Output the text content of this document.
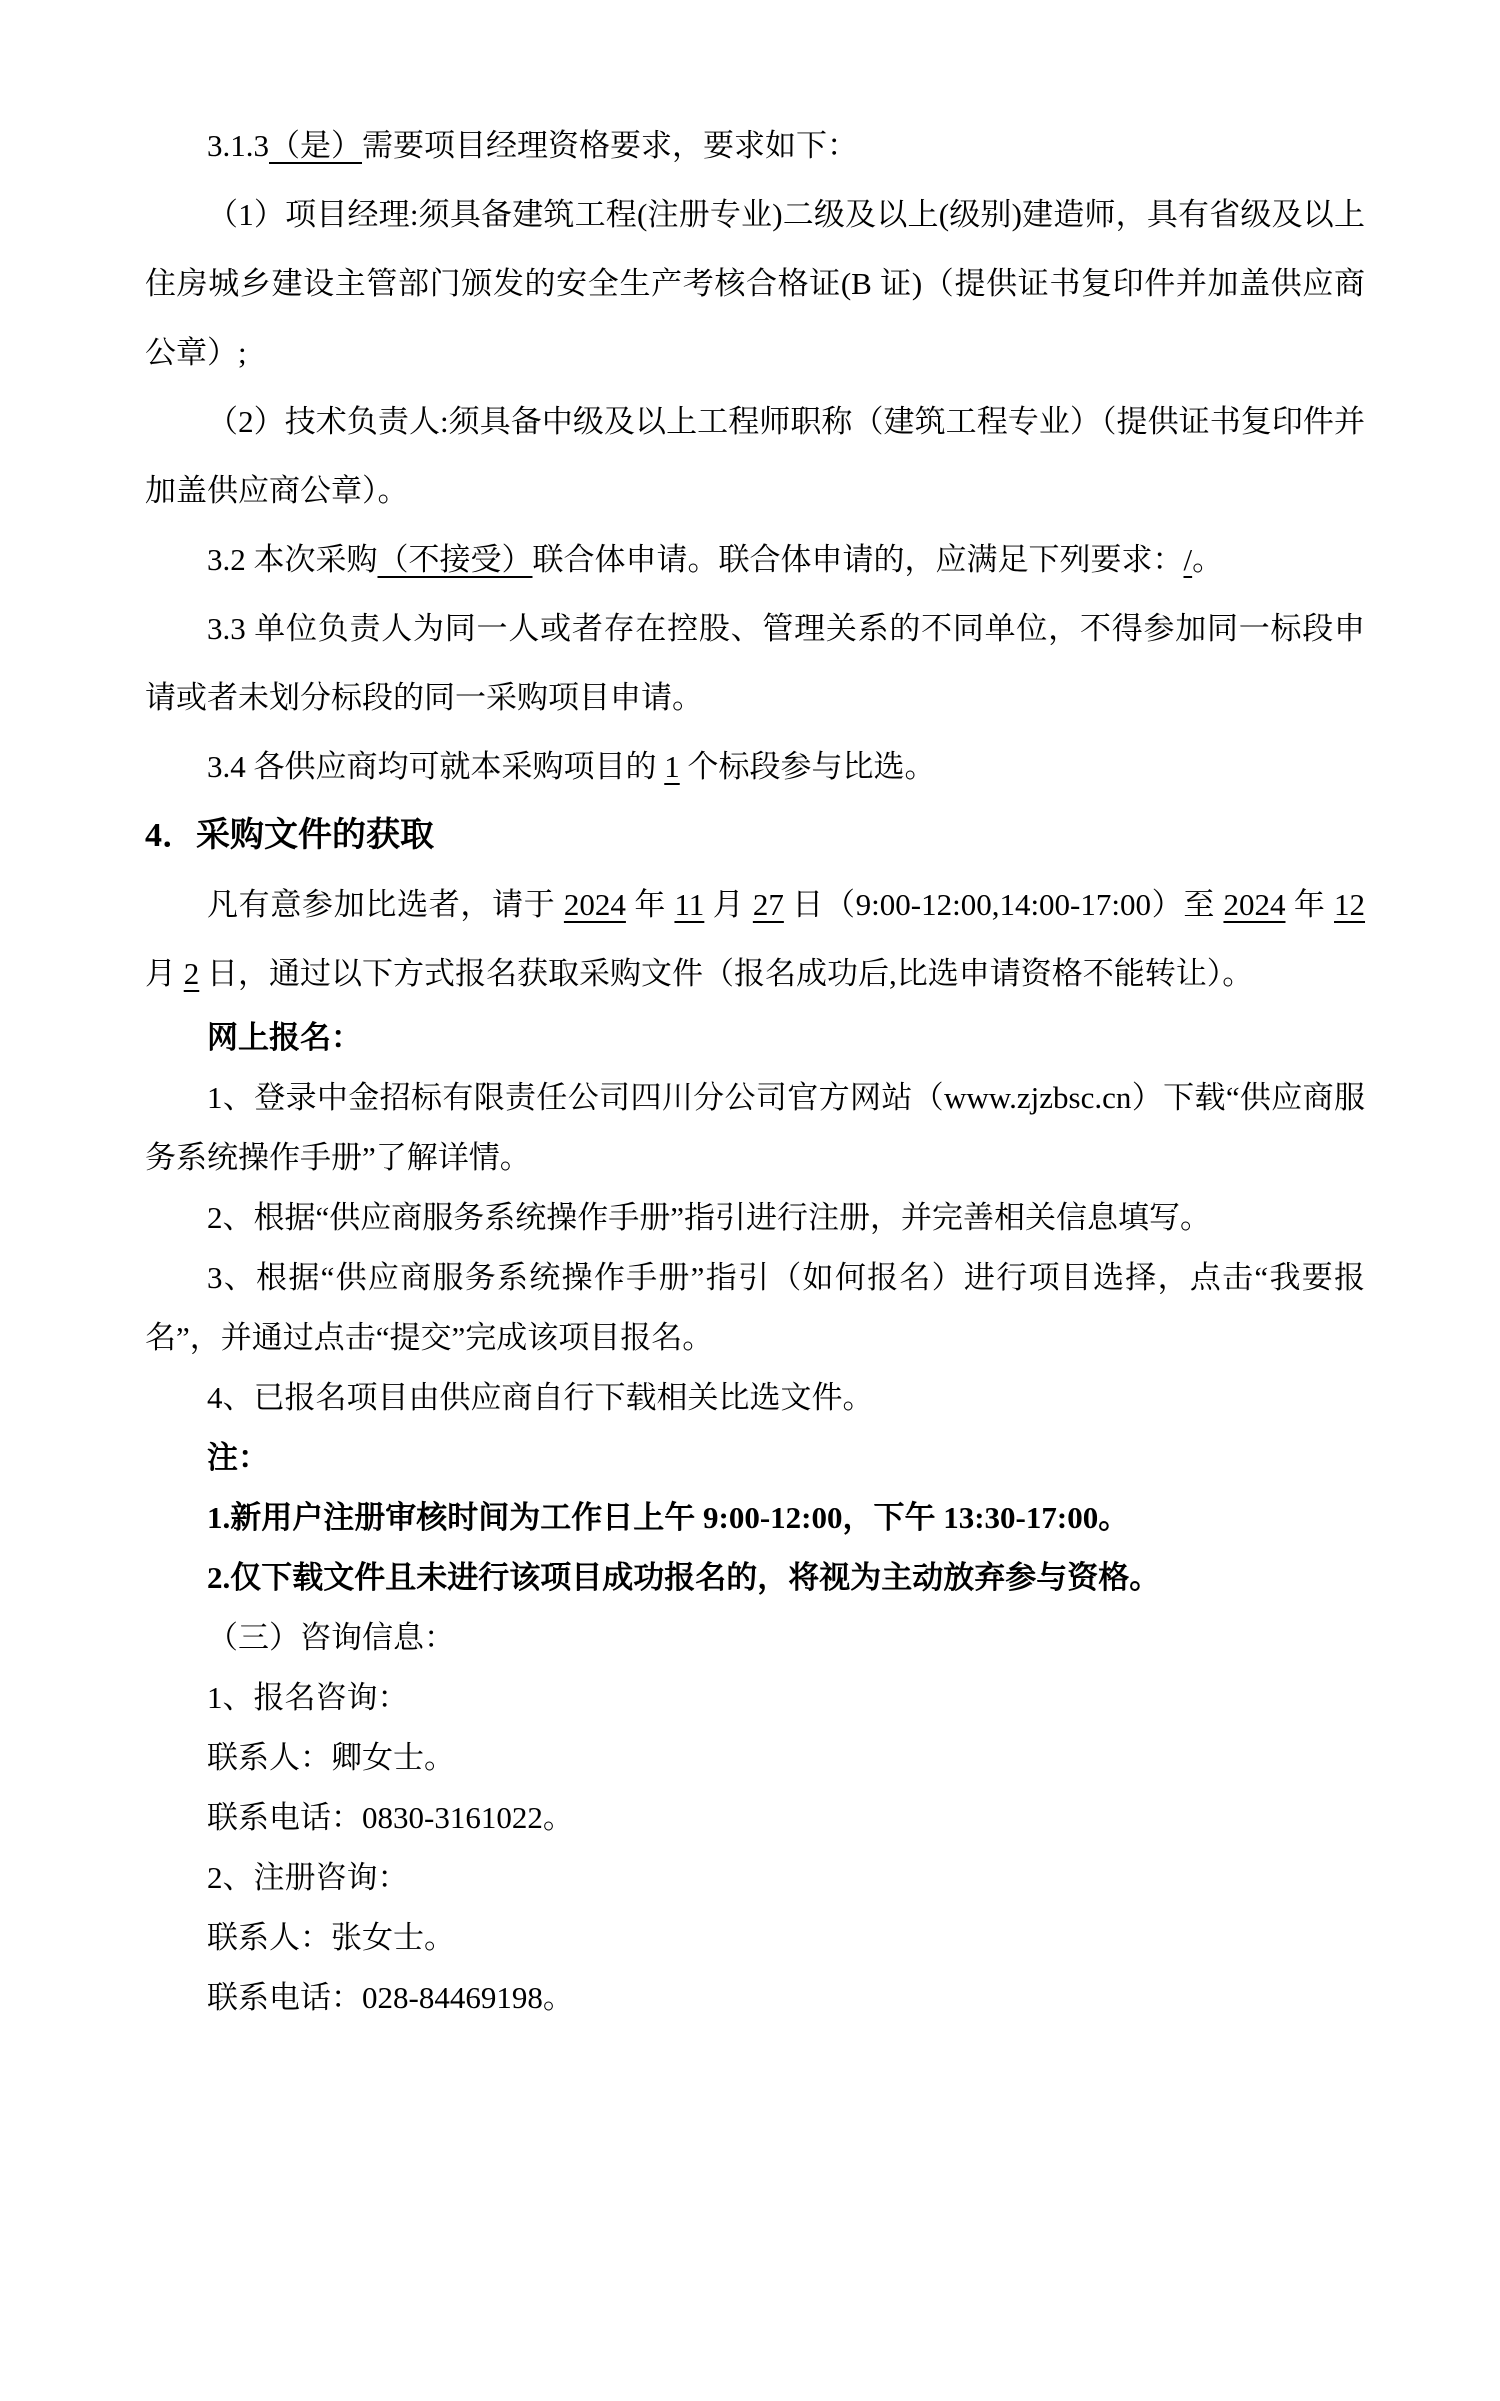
3.1.3（是）需要项目经理资格要求，要求如下：

（1）项目经理:须具备建筑工程(注册专业)二级及以上(级别)建造师，具有省级及以上住房城乡建设主管部门颁发的安全生产考核合格证(B 证)（提供证书复印件并加盖供应商公章）;

（2）技术负责人:须具备中级及以上工程师职称（建筑工程专业）（提供证书复印件并加盖供应商公章）。

3.2 本次采购（不接受）联合体申请。联合体申请的，应满足下列要求：/。

3.3 单位负责人为同一人或者存在控股、管理关系的不同单位，不得参加同一标段申请或者未划分标段的同一采购项目申请。

3.4 各供应商均可就本采购项目的 1 个标段参与比选。

4．采购文件的获取

凡有意参加比选者，请于 2024 年 11 月 27 日（9:00-12:00,14:00-17:00）至 2024 年 12 月 2 日，通过以下方式报名获取采购文件（报名成功后,比选申请资格不能转让）。

网上报名：

1、登录中金招标有限责任公司四川分公司官方网站（www.zjzbsc.cn）下载“供应商服务系统操作手册”了解详情。

2、根据“供应商服务系统操作手册”指引进行注册，并完善相关信息填写。

3、根据“供应商服务系统操作手册”指引（如何报名）进行项目选择，点击“我要报名”，并通过点击“提交”完成该项目报名。

4、已报名项目由供应商自行下载相关比选文件。

注：

1.新用户注册审核时间为工作日上午 9:00-12:00，下午 13:30-17:00。

2.仅下载文件且未进行该项目成功报名的，将视为主动放弃参与资格。

（三）咨询信息：

1、报名咨询：

联系人：卿女士。

联系电话：0830-3161022。

2、注册咨询：

联系人：张女士。

联系电话：028-84469198。
